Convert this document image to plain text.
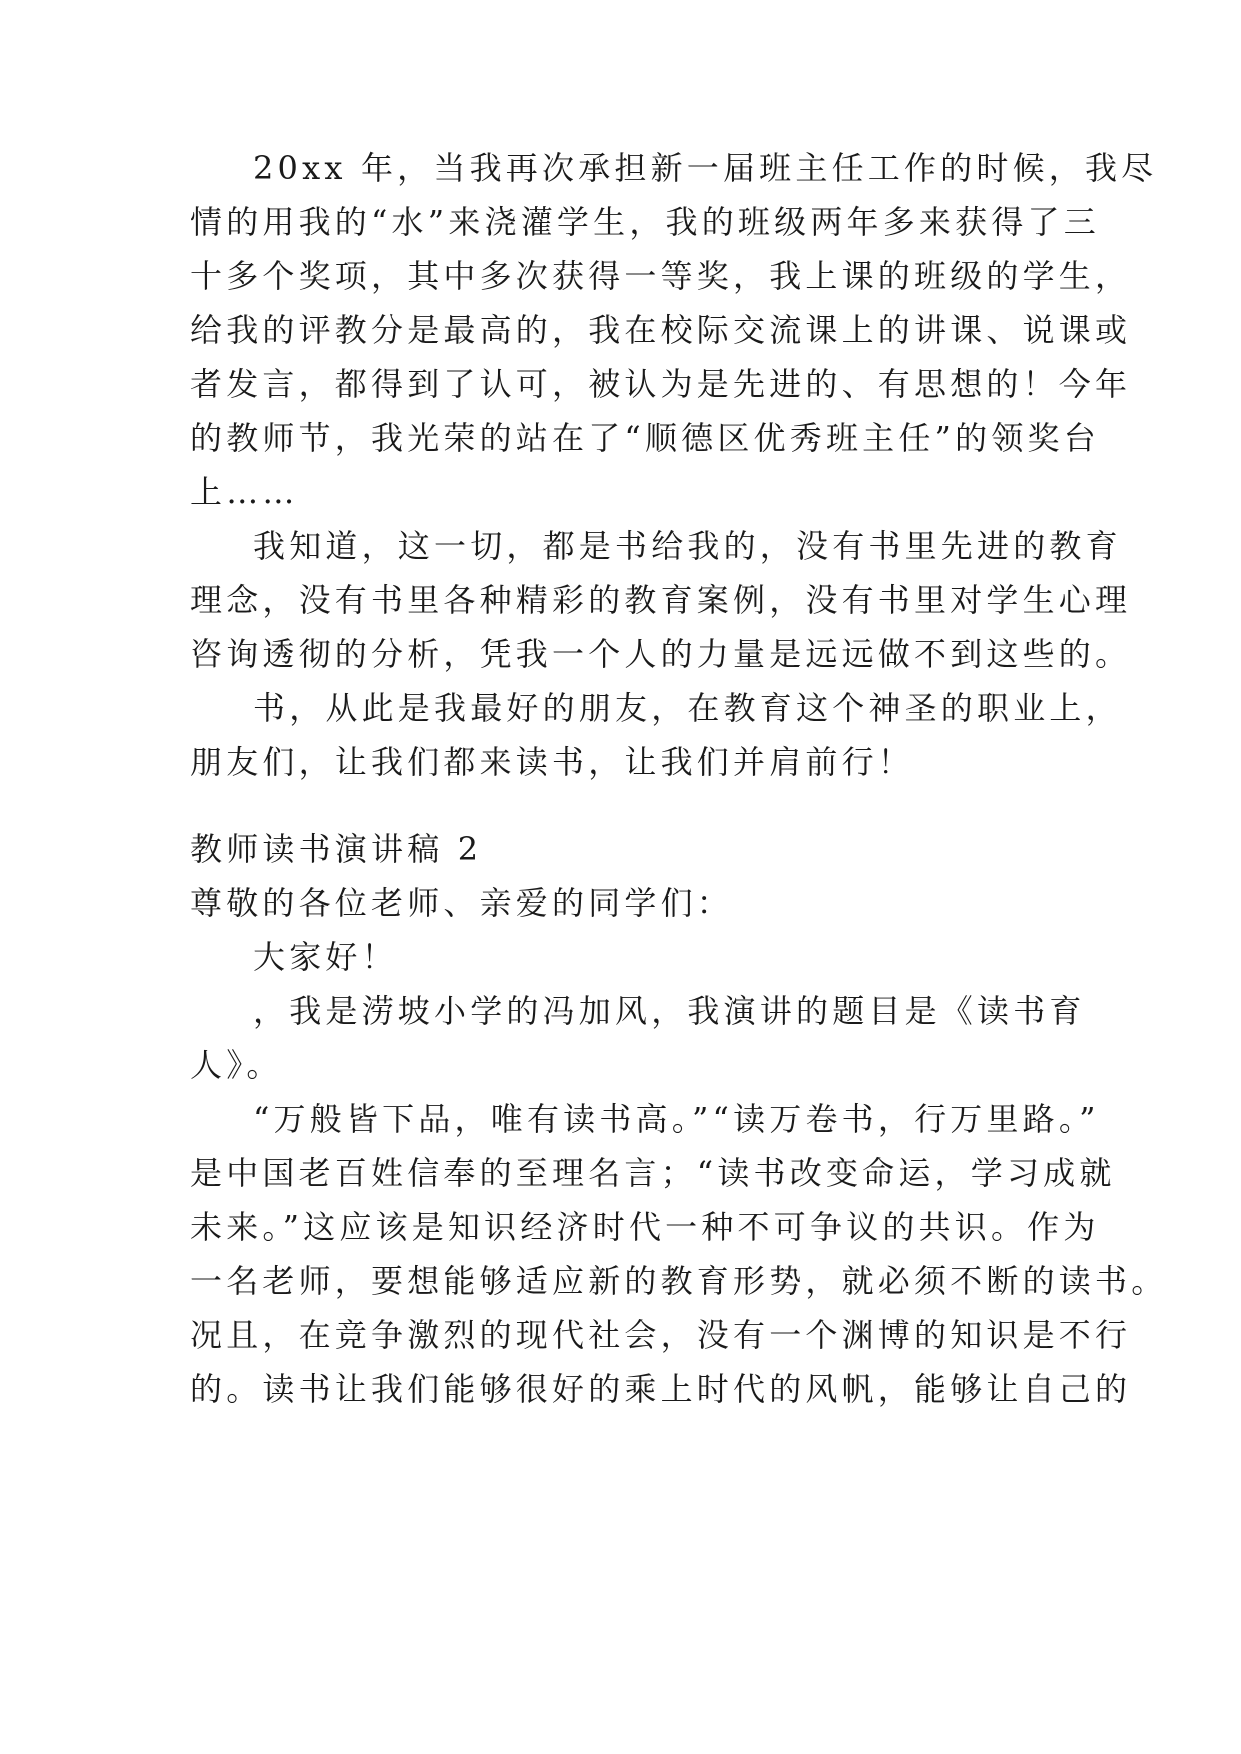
20xx 年，当我再次承担新一届班主任工作的时候，我尽
情的用我的“水”来浇灌学生，我的班级两年多来获得了三
十多个奖项，其中多次获得一等奖，我上课的班级的学生，
给我的评教分是最高的，我在校际交流课上的讲课、说课或
者发言，都得到了认可，被认为是先进的、有思想的！今年
的教师节，我光荣的站在了“顺德区优秀班主任”的领奖台
上……
我知道，这一切，都是书给我的，没有书里先进的教育
理念，没有书里各种精彩的教育案例，没有书里对学生心理
咨询透彻的分析，凭我一个人的力量是远远做不到这些的。
书，从此是我最好的朋友，在教育这个神圣的职业上，
朋友们，让我们都来读书，让我们并肩前行！
教师读书演讲稿 2
尊敬的各位老师、亲爱的同学们：
大家好！
，我是涝坡小学的冯加风，我演讲的题目是《读书育
人》。
“万般皆下品，唯有读书高。”“读万卷书，行万里路。”
是中国老百姓信奉的至理名言；“读书改变命运，学习成就
未来。”这应该是知识经济时代一种不可争议的共识。作为
一名老师，要想能够适应新的教育形势，就必须不断的读书。
况且，在竞争激烈的现代社会，没有一个渊博的知识是不行
的。读书让我们能够很好的乘上时代的风帆，能够让自己的
